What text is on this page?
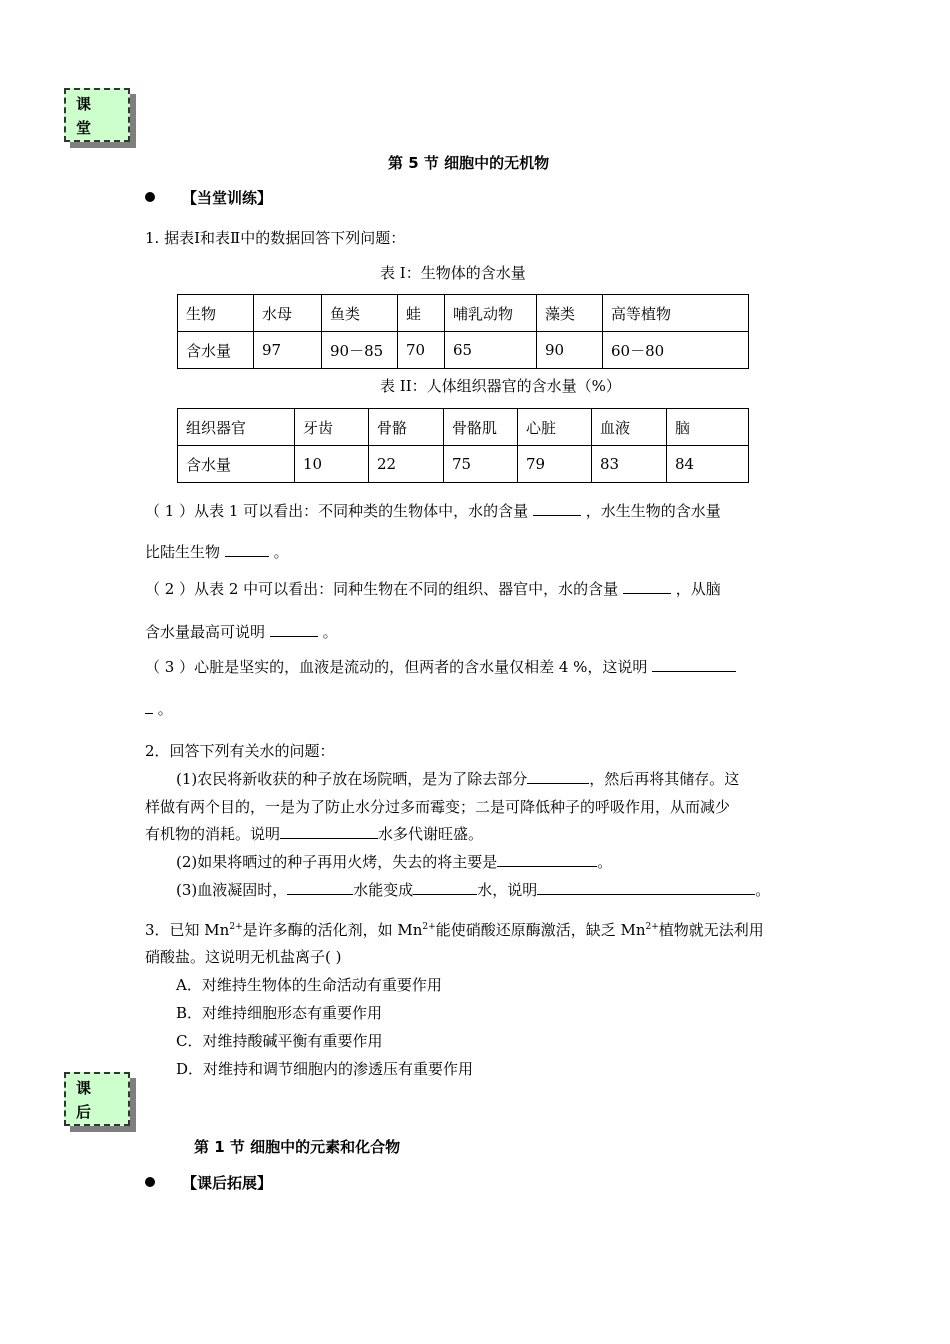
课
堂
第 5 节 细胞中的无机物
【当堂训练】
1. 据表Ⅰ和表Ⅱ中的数据回答下列问题：
表 I：生物体的含水量
生物	水母	鱼类	蛙	哺乳动物	藻类	高等植物
含水量	97	90－85	70	65	90	60－80
表 II：人体组织器官的含水量（%）
组织器官	牙齿	骨骼	骨骼肌	心脏	血液	脑
含水量	10	22	75	79	83	84
（ 1 ）从表 1 可以看出：不同种类的生物体中，水的含量	，水生生物的含水量
比陆生生物	。
（ 2 ）从表 2 中可以看出：同种生物在不同的组织、器官中，水的含量	，从脑
含水量最高可说明	。
（ 3 ）心脏是坚实的，血液是流动的，但两者的含水量仅相差 4 %，这说明
。
2．回答下列有关水的问题：
(1)农民将新收获的种子放在场院晒，是为了除去部分	，然后再将其储存。这
样做有两个目的，一是为了防止水分过多而霉变；二是可降低种子的呼吸作用，从而减少
有机物的消耗。说明	水多代谢旺盛。
(2)如果将晒过的种子再用火烤，失去的将主要是	。
(3)血液凝固时，	水能变成	水，说明	。
3．已知 $Mn^{2+}$是许多酶的活化剂，如 $Mn^{2+}$能使硝酸还原酶激活，缺乏 $Mn^{2+}$植物就无法利用
硝酸盐。这说明无机盐离子( )
A．对维持生物体的生命活动有重要作用
B．对维持细胞形态有重要作用
C．对维持酸碱平衡有重要作用
D．对维持和调节细胞内的渗透压有重要作用
课
后
第 1 节 细胞中的元素和化合物
【课后拓展】
